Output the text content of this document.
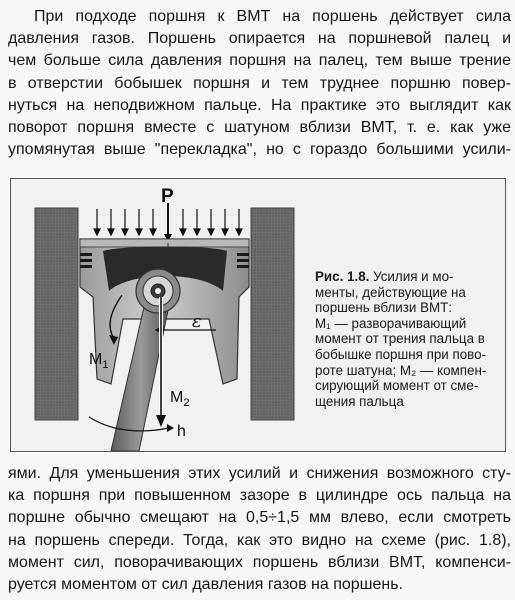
При подходе поршня к ВМТ на поршень действует сила
давления газов. Поршень опирается на поршневой палец и
чем больше сила давления поршня на палец, тем выше трение
в отверстии бобышек поршня и тем труднее поршню повер-
нуться на неподвижном пальце. На практике это выглядит как
поворот поршня вместе с шатуном вблизи ВМТ, т. е. как уже
упомянутая выше "перекладка", но с гораздо большими усили-
P
$M_1$
ε
$M_2$
h
Рис. 1.8. Усилия и мо-
менты, действующие на
поршень вблизи ВМТ:
М₁ — разворачивающий
момент от трения пальца в
бобышке поршня при пово-
роте шатуна; М₂ — компен-
сирующий момент от сме-
щения пальца
ями. Для уменьшения этих усилий и снижения возможного сту-
ка поршня при повышенном зазоре в цилиндре ось пальца на
поршне обычно смещают на 0,5÷1,5 мм влево, если смотреть
на поршень спереди. Тогда, как это видно на схеме (рис. 1.8),
момент сил, поворачивающих поршень вблизи ВМТ, компенси-
руется моментом от сил давления газов на поршень.
